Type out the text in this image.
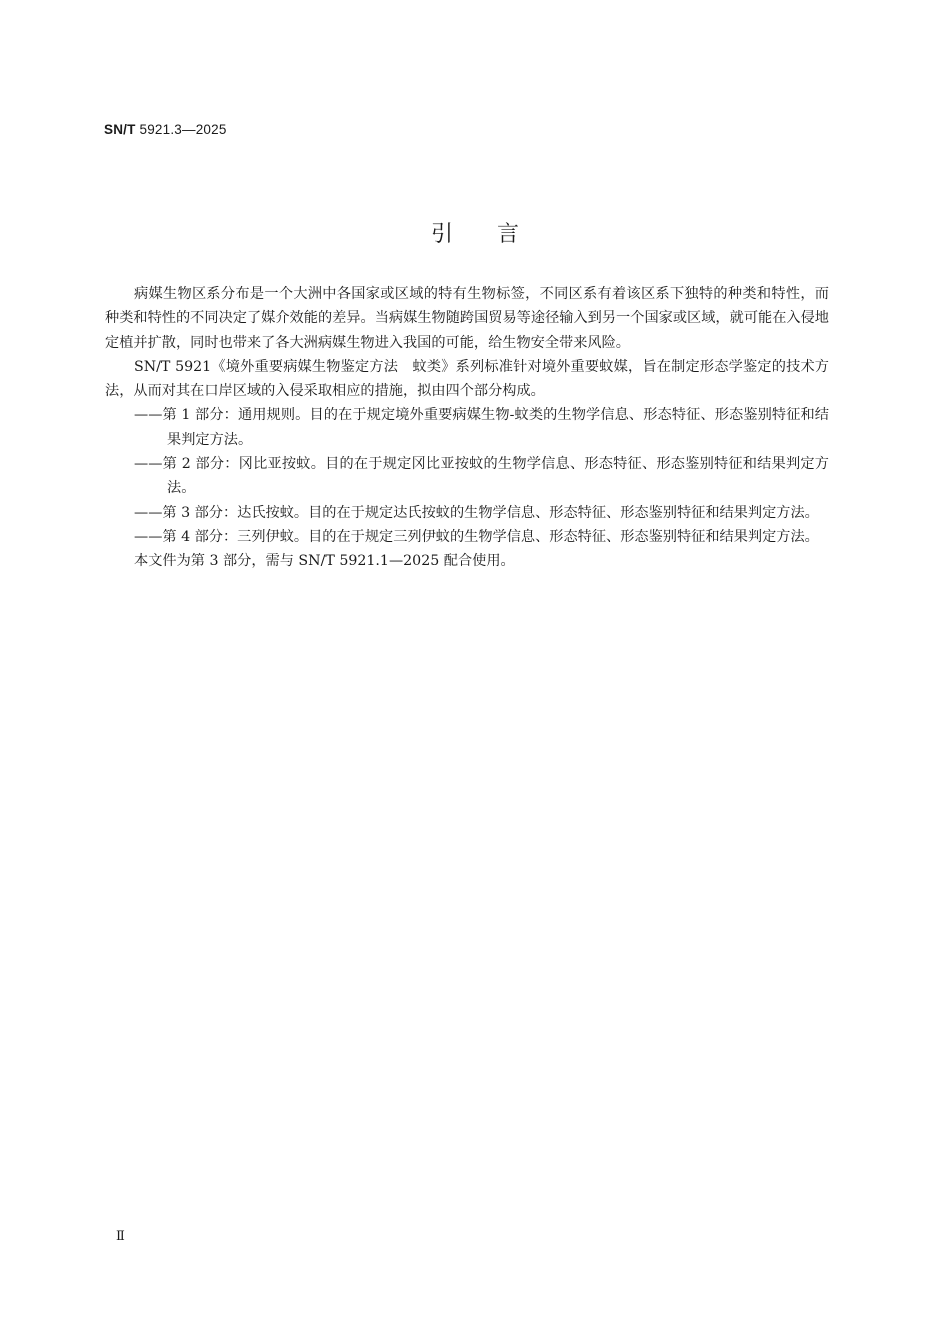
SN/T 5921.3—2025
引言

病媒生物区系分布是一个大洲中各国家或区域的特有生物标签，不同区系有着该区系下独特的种类和特性，而种类和特性的不同决定了媒介效能的差异。当病媒生物随跨国贸易等途径输入到另一个国家或区域，就可能在入侵地定植并扩散，同时也带来了各大洲病媒生物进入我国的可能，给生物安全带来风险。

SN/T 5921《境外重要病媒生物鉴定方法　蚊类》系列标准针对境外重要蚊媒，旨在制定形态学鉴定的技术方法，从而对其在口岸区域的入侵采取相应的措施，拟由四个部分构成。

——第 1 部分：通用规则。目的在于规定境外重要病媒生物-蚊类的生物学信息、形态特征、形态鉴别特征和结果判定方法。

——第 2 部分：冈比亚按蚊。目的在于规定冈比亚按蚊的生物学信息、形态特征、形态鉴别特征和结果判定方法。

——第 3 部分：达氏按蚊。目的在于规定达氏按蚊的生物学信息、形态特征、形态鉴别特征和结果判定方法。

——第 4 部分：三列伊蚊。目的在于规定三列伊蚊的生物学信息、形态特征、形态鉴别特征和结果判定方法。

本文件为第 3 部分，需与 SN/T 5921.1—2025 配合使用。

Ⅱ
